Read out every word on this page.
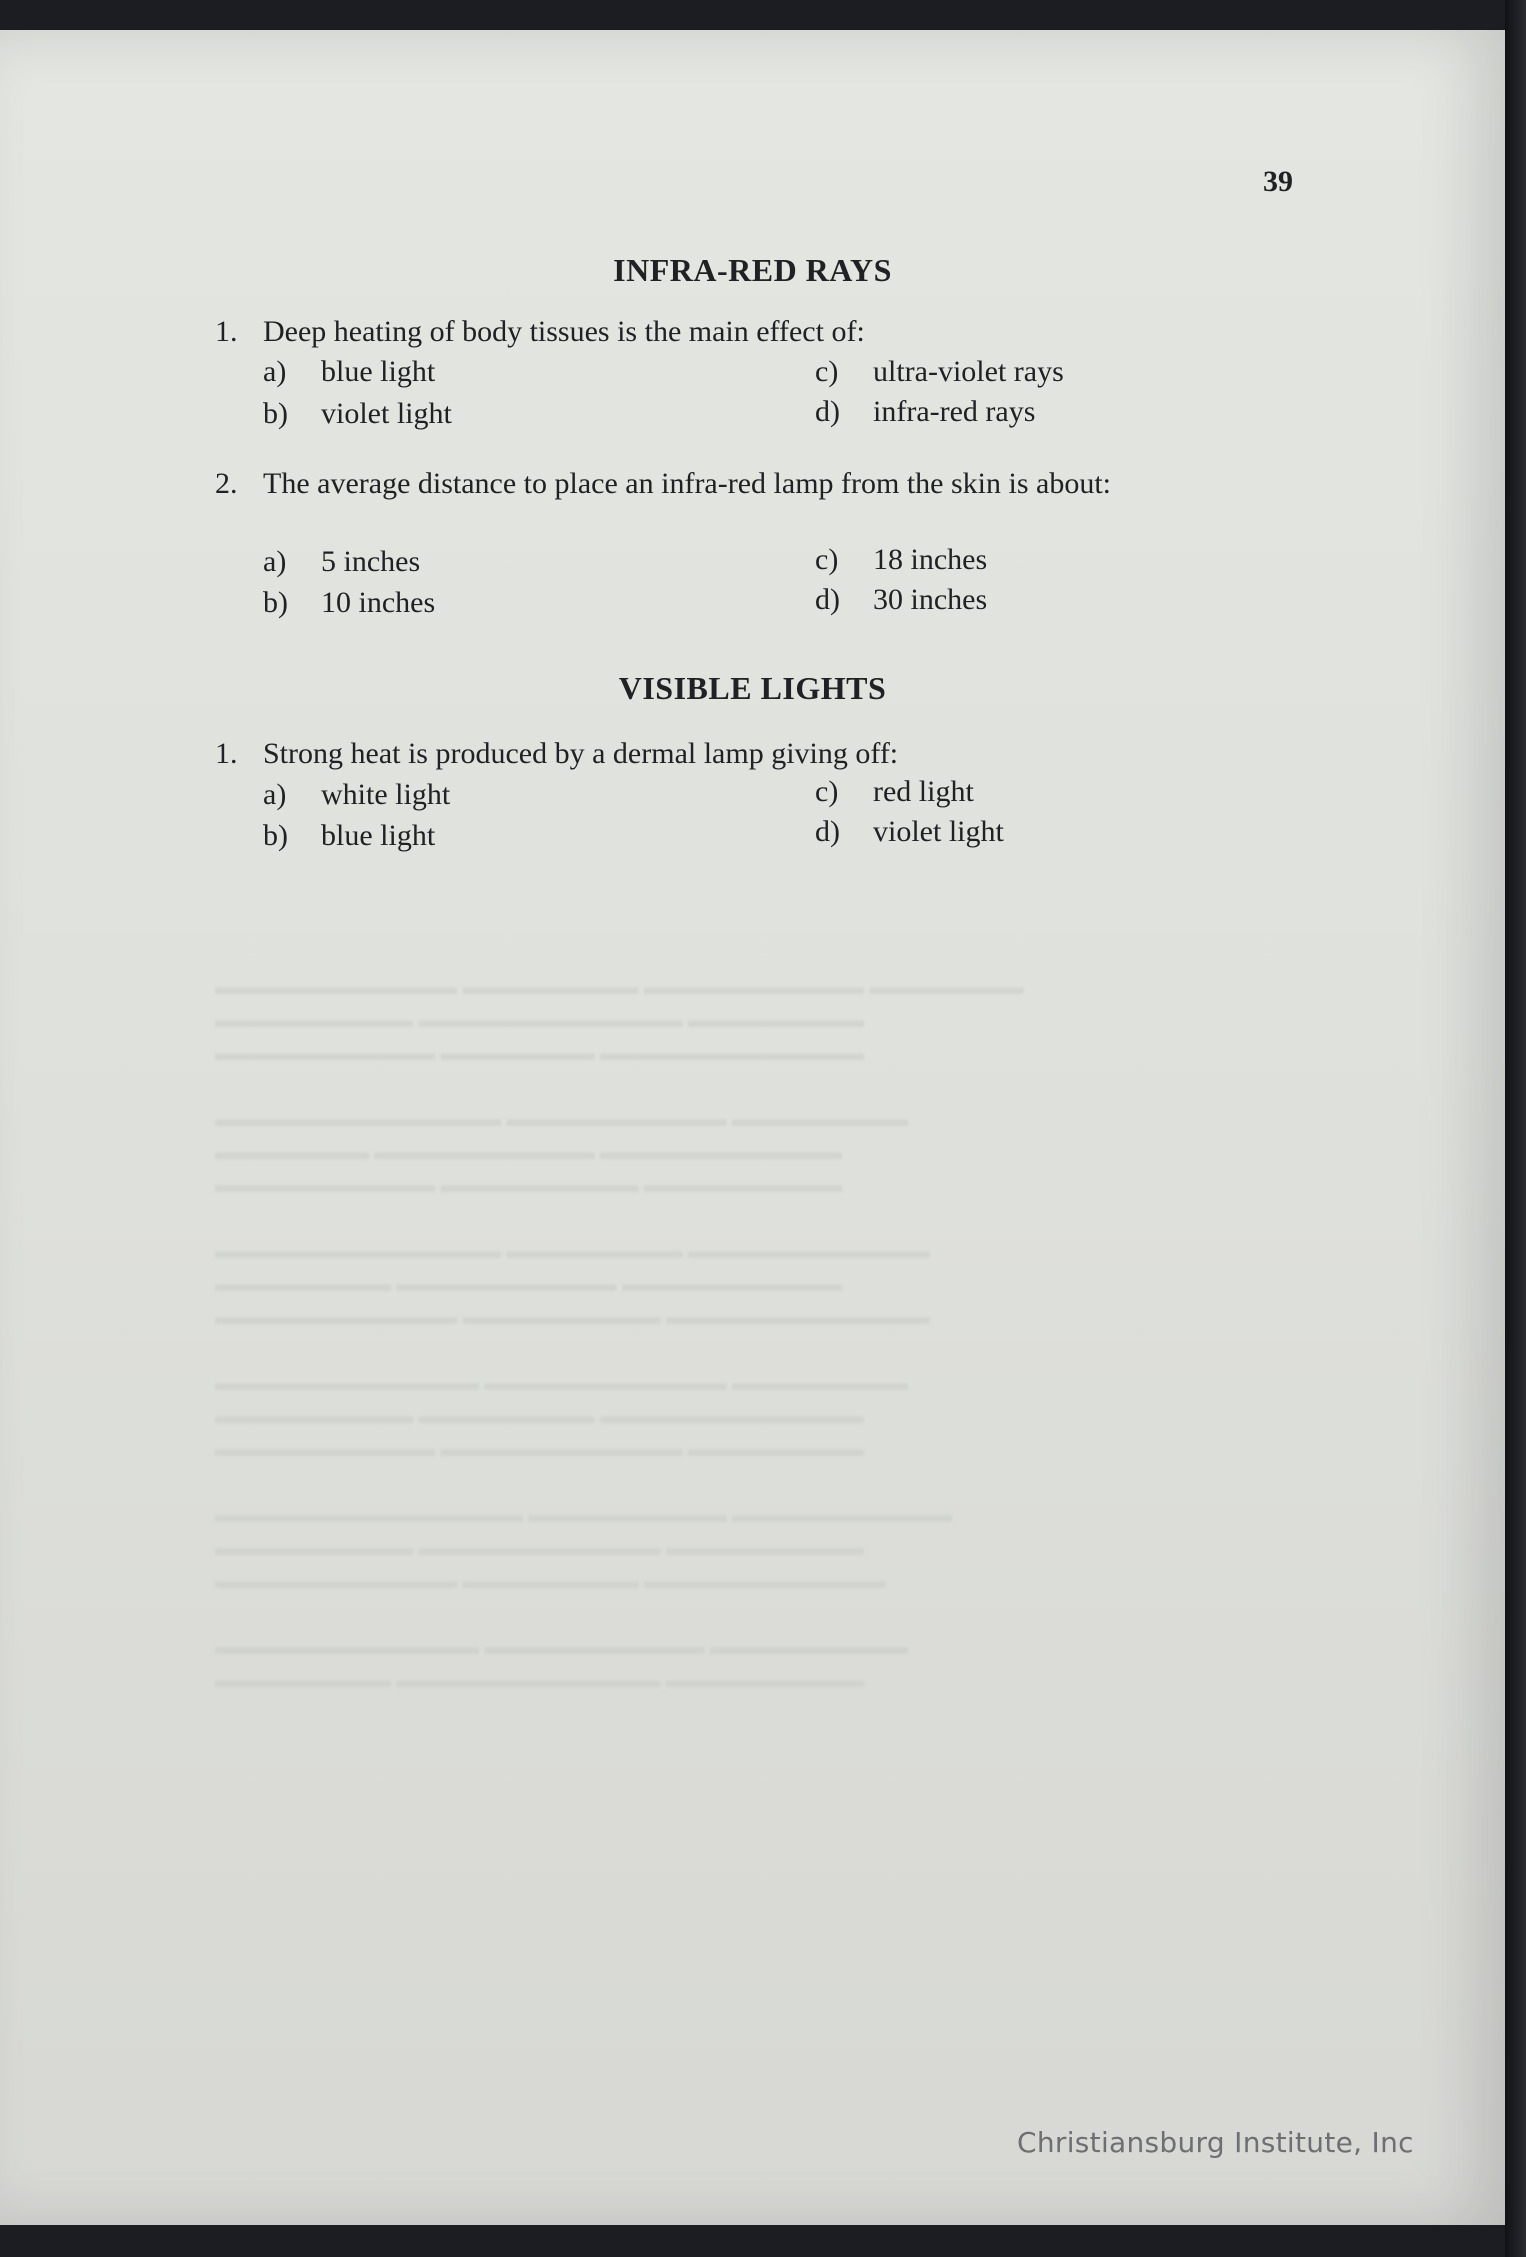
▬▬▬▬▬▬▬▬▬▬▬ ▬▬▬▬▬▬▬▬ ▬▬▬▬▬▬▬▬▬▬ ▬▬▬▬▬▬▬
▬▬▬▬▬▬▬▬▬ ▬▬▬▬▬▬▬▬▬▬▬▬ ▬▬▬▬▬▬▬▬
▬▬▬▬▬▬▬▬▬▬ ▬▬▬▬▬▬▬ ▬▬▬▬▬▬▬▬▬▬▬▬
▬▬▬▬▬▬▬▬▬▬▬▬▬ ▬▬▬▬▬▬▬▬▬▬ ▬▬▬▬▬▬▬▬
▬▬▬▬▬▬▬ ▬▬▬▬▬▬▬▬▬▬ ▬▬▬▬▬▬▬▬▬▬▬
▬▬▬▬▬▬▬▬▬▬ ▬▬▬▬▬▬▬▬▬ ▬▬▬▬▬▬▬▬▬
▬▬▬▬▬▬▬▬▬▬▬▬▬ ▬▬▬▬▬▬▬▬ ▬▬▬▬▬▬▬▬▬▬▬
▬▬▬▬▬▬▬▬ ▬▬▬▬▬▬▬▬▬▬ ▬▬▬▬▬▬▬▬▬▬
▬▬▬▬▬▬▬▬▬▬▬ ▬▬▬▬▬▬▬▬▬ ▬▬▬▬▬▬▬▬▬▬▬▬
▬▬▬▬▬▬▬▬▬▬▬▬ ▬▬▬▬▬▬▬▬▬▬▬ ▬▬▬▬▬▬▬▬
▬▬▬▬▬▬▬▬▬ ▬▬▬▬▬▬▬▬ ▬▬▬▬▬▬▬▬▬▬▬▬
▬▬▬▬▬▬▬▬▬▬ ▬▬▬▬▬▬▬▬▬▬▬ ▬▬▬▬▬▬▬▬
▬▬▬▬▬▬▬▬▬▬▬▬▬▬ ▬▬▬▬▬▬▬▬▬ ▬▬▬▬▬▬▬▬▬▬
▬▬▬▬▬▬▬▬▬ ▬▬▬▬▬▬▬▬▬▬▬ ▬▬▬▬▬▬▬▬▬
▬▬▬▬▬▬▬▬▬▬▬ ▬▬▬▬▬▬▬▬ ▬▬▬▬▬▬▬▬▬▬▬
▬▬▬▬▬▬▬▬▬▬▬▬ ▬▬▬▬▬▬▬▬▬▬ ▬▬▬▬▬▬▬▬▬
▬▬▬▬▬▬▬▬ ▬▬▬▬▬▬▬▬▬▬▬▬ ▬▬▬▬▬▬▬▬▬
39
INFRA-RED RAYS
1. Deep heating of body tissues is the main effect of:
a) blue light
b) violet light
c) ultra-violet rays
d) infra-red rays
2. The average distance to place an infra-red lamp from the skin is about:
a) 5 inches
b) 10 inches
c) 18 inches
d) 30 inches
VISIBLE LIGHTS
1. Strong heat is produced by a dermal lamp giving off:
a) white light
b) blue light
c) red light
d) violet light
Christiansburg Institute, Inc
